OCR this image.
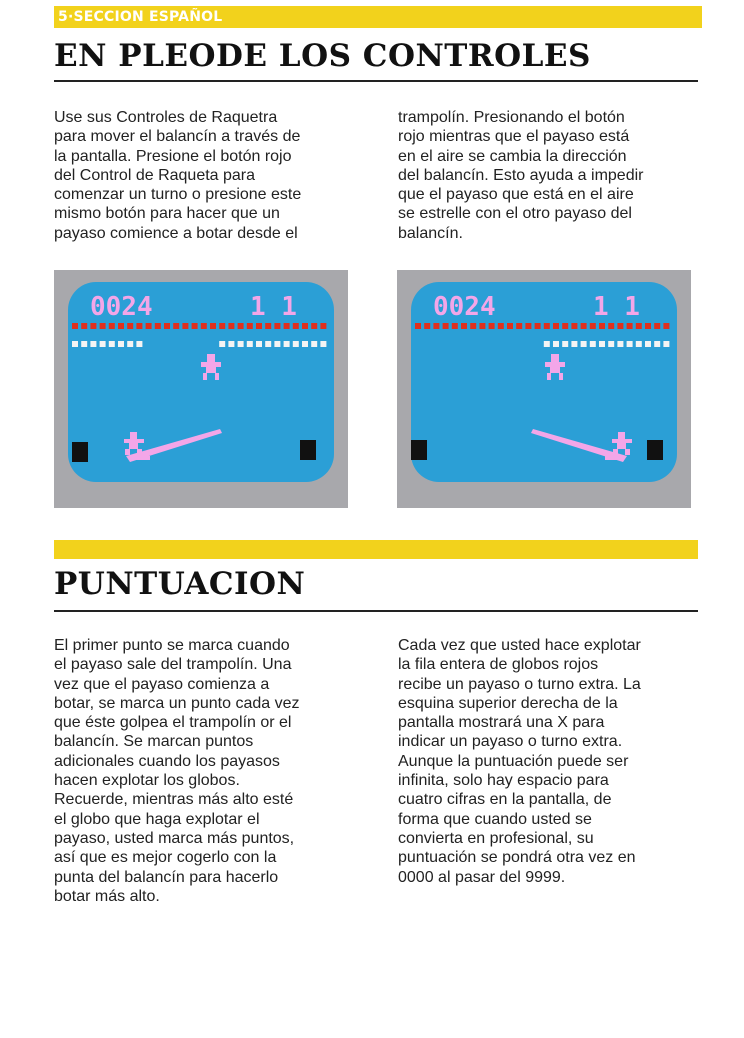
5·SECCION ESPAÑOL
EN PLEODE LOS CONTROLES
Use sus Controles de Raquetra
para mover el balancín a través de
la pantalla. Presione el botón rojo
del Control de Raqueta para
comenzar un turno o presione este
mismo botón para hacer que un
payaso comience a botar desde el
trampolín. Presionando el botón
rojo mientras que el payaso está
en el aire se cambia la dirección
del balancín. Esto ayuda a impedir
que el payaso que está en el aire
se estrelle con el otro payaso del
balancín.
0024	1 1	0024	1 1
PUNTUACION
El primer punto se marca cuando
el payaso sale del trampolín. Una
vez que el payaso comienza a
botar, se marca un punto cada vez
que éste golpea el trampolín or el
balancín. Se marcan puntos
adicionales cuando los payasos
hacen explotar los globos.
Recuerde, mientras más alto esté
el globo que haga explotar el
payaso, usted marca más puntos,
así que es mejor cogerlo con la
punta del balancín para hacerlo
botar más alto.
Cada vez que usted hace explotar
la fila entera de globos rojos
recibe un payaso o turno extra. La
esquina superior derecha de la
pantalla mostrará una X para
indicar un payaso o turno extra.
Aunque la puntuación puede ser
infinita, solo hay espacio para
cuatro cifras en la pantalla, de
forma que cuando usted se
convierta en profesional, su
puntuación se pondrá otra vez en
0000 al pasar del 9999.
